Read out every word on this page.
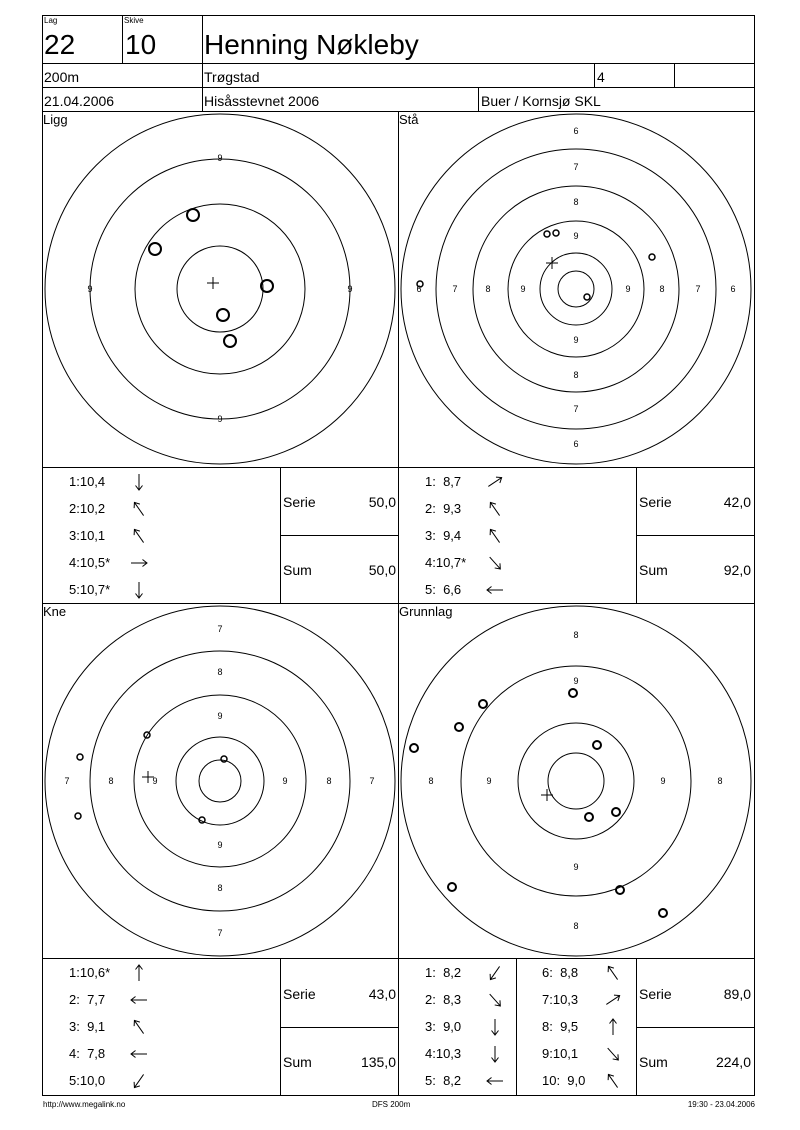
Lag
22
Skive
10 Henning Nøkleby
200m	Trøgstad	4
21.04.2006	Hisåsstevnet 2006	Buer / Kornsjø SKL
Ligg	Stå
Kne	Grunnlag
9
9
9	9
6
7
8
9
9
8
7
6
6	7	8	9	9	8	7	6
7
8
9
9
8
7
7	8	9	9	8	7
8
9
9
8
8	9	9	8
1:10,4
2:10,2
3:10,1
4:10,5*
5:10,7*
1:  8,7
2:  9,3
3:  9,4
4:10,7*
5:  6,6
1:10,6*
2:  7,7
3:  9,1
4:  7,8
5:10,0
1:  8,2
2:  8,3
3:  9,0
4:10,3
5:  8,2
6:  8,8
7:10,3
8:  9,5
9:10,1
10:  9,0
Serie	50,0
Sum	50,0
Serie	42,0
Sum	92,0
Serie	43,0
Sum	135,0
Serie	89,0
Sum	224,0
http://www.megalink.no	DFS 200m	19:30 - 23.04.2006
